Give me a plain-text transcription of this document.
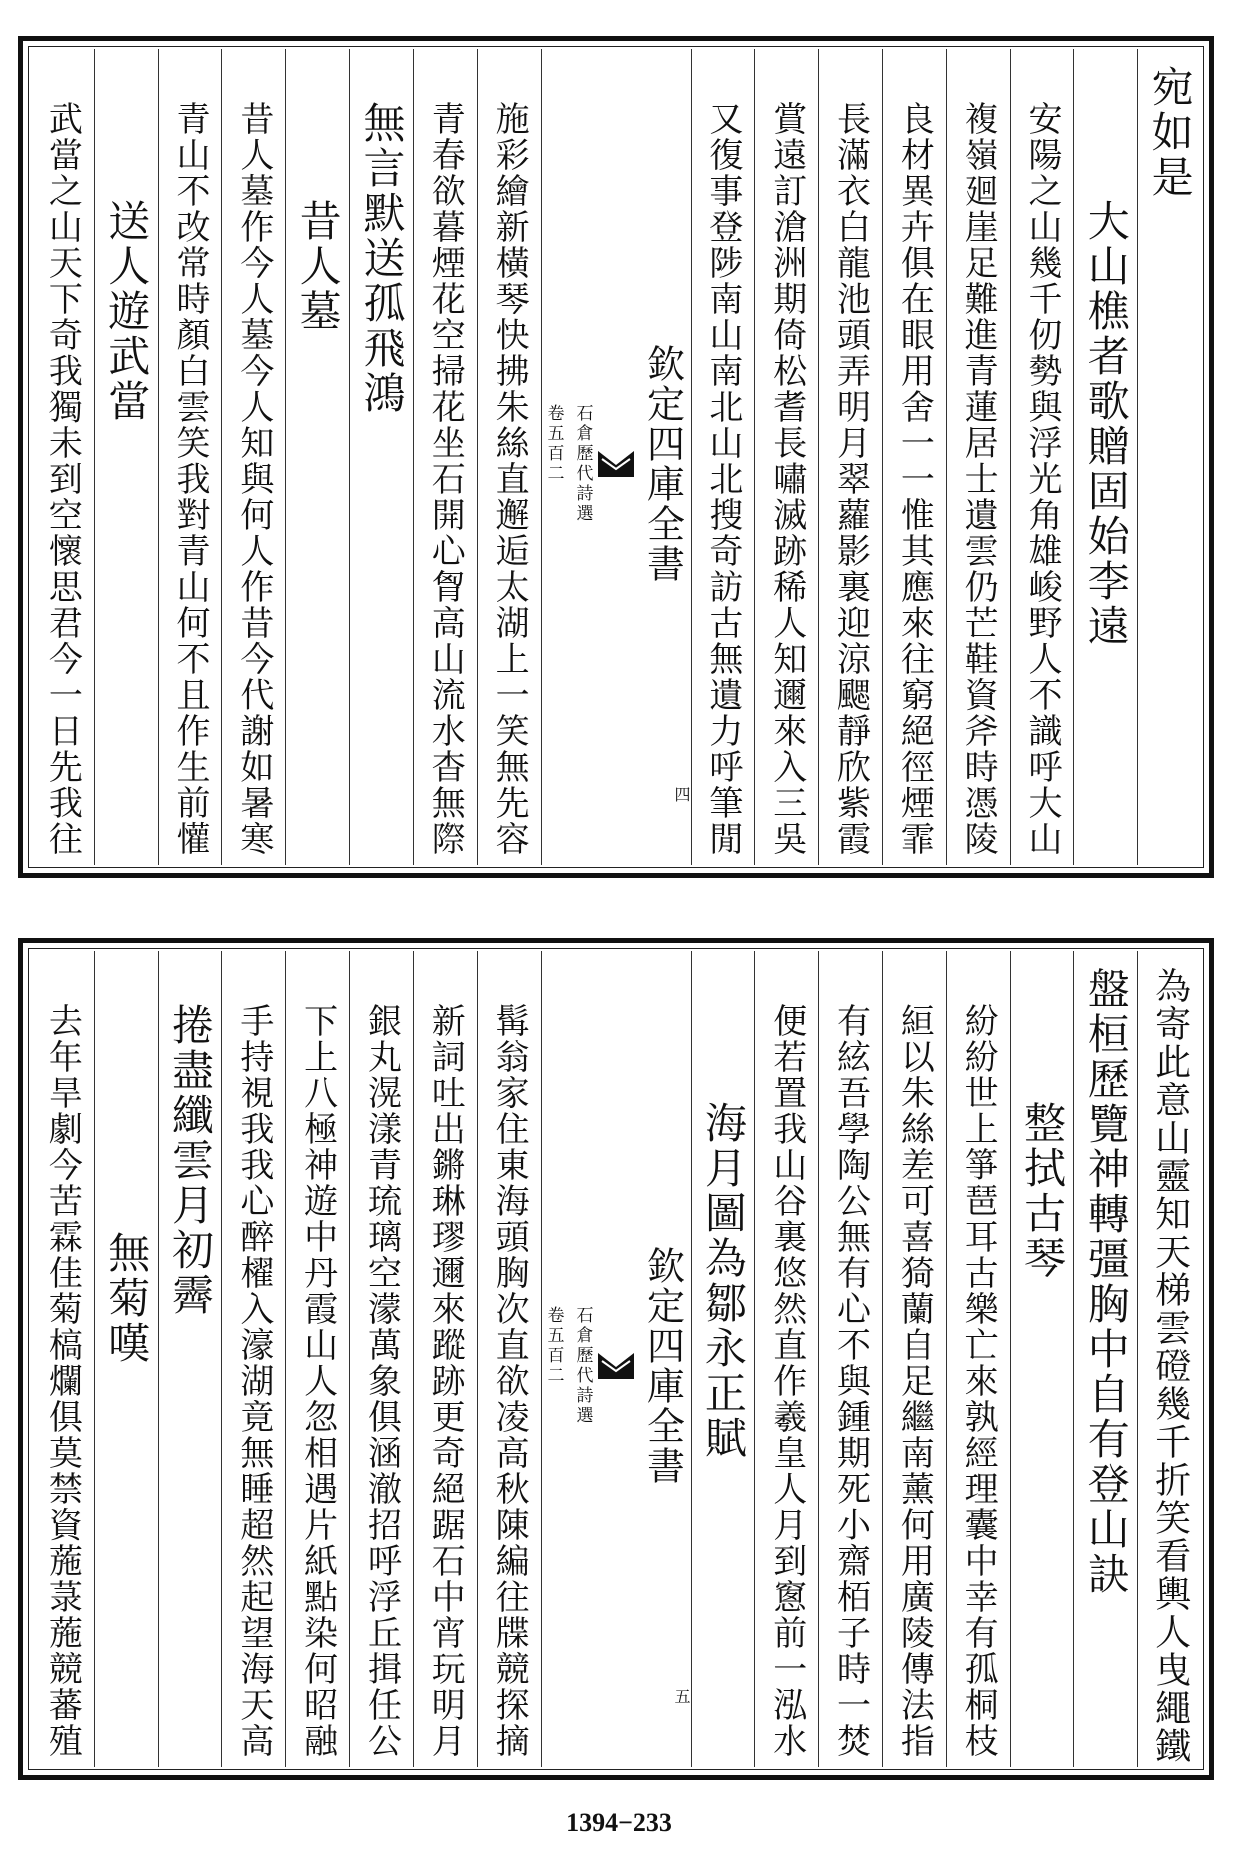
宛如是
大山樵者歌贈固始李遠
安陽之山幾千仞勢與浮光角雄峻野人不識呼大山
複嶺廻崖足難進青蓮居士遺雲仍芒鞋資斧時憑陵
良材異卉俱在眼用舍一一惟其應來往窮絕徑煙霏
長滿衣白龍池頭弄明月翠蘿影裏迎涼颸靜欣紫霞
賞遠訂滄洲期倚松耆長嘯滅跡稀人知邇來入三吳
又復事登陟南山南北山北搜奇訪古無遺力呼筆閒
欽定四庫全書
石倉歷代詩選
卷五百二
四
施彩繪新橫琴快拂朱絲直邂逅太湖上一笑無先容
青春欲暮煙花空掃花坐石開心胷高山流水杳無際
無言默送孤飛鴻
昔人墓
昔人墓作今人墓今人知與何人作昔今代謝如暑寒
青山不改常時顏白雲笑我對青山何不且作生前懽
送人遊武當
武當之山天下奇我獨未到空懷思君今一日先我往
為寄此意山靈知天梯雲磴幾千折笑看輿人曳繩鐵
盤桓歷覽神轉彊胸中自有登山訣
整拭古琴
紛紛世上箏琶耳古樂亡來孰經理囊中幸有孤桐枝
絙以朱絲差可喜猗蘭自足繼南薰何用廣陵傳法指
有絃吾學陶公無有心不與鍾期死小齋栢子時一焚
便若置我山谷裏悠然直作羲皇人月到窻前一泓水
海月圖為鄒永正賦
欽定四庫全書
石倉歷代詩選
卷五百二
五
髯翁家住東海頭胸次直欲凌高秋陳編往牒競探摘
新詞吐出鏘琳璆邇來蹤跡更奇絕踞石中宵玩明月
銀丸滉漾青琉璃空濛萬象俱涵澈招呼浮丘揖任公
下上八極神遊中丹霞山人忽相遇片紙點染何昭融
手持視我我心醉櫂入濠湖竟無睡超然起望海天高
捲盡纖雲月初霽
無菊嘆
去年旱劇今苦霖佳菊槁爛俱莫禁資葹菉葹競蕃殖
1394−233
